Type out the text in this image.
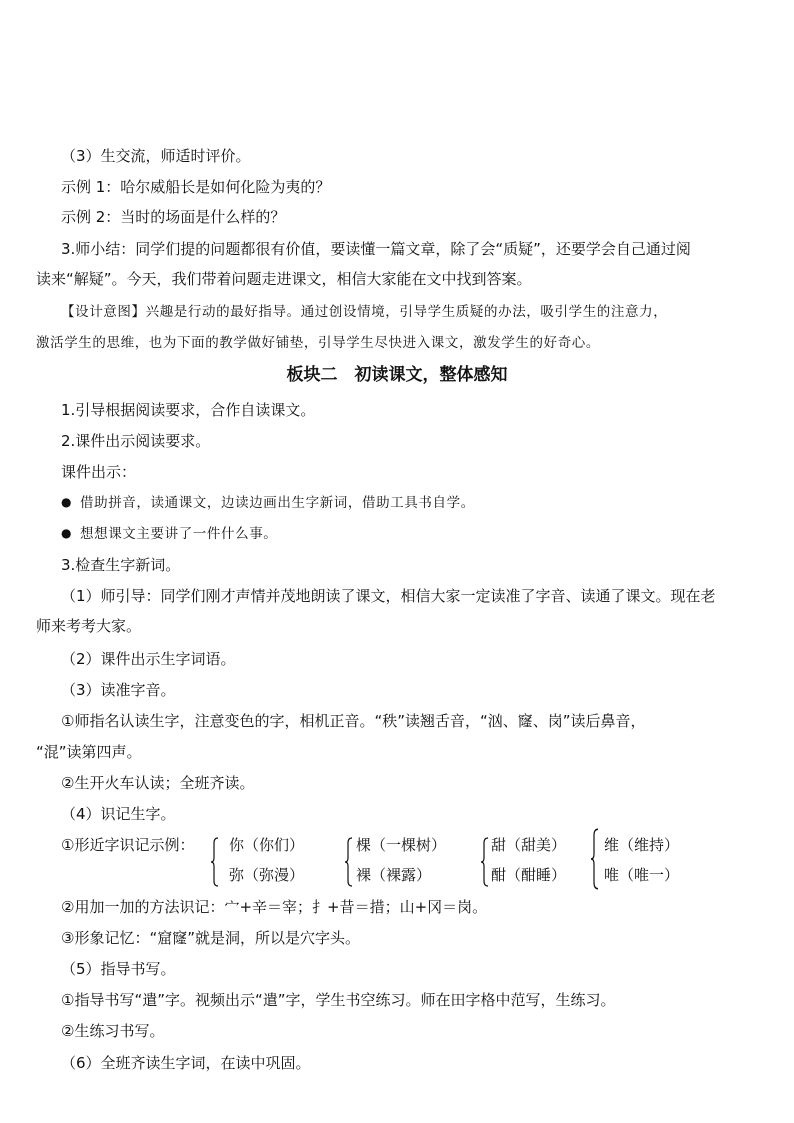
（3）生交流，师适时评价。
示例 1：哈尔威船长是如何化险为夷的？
示例 2：当时的场面是什么样的？
3.师小结：同学们提的问题都很有价值，要读懂一篇文章，除了会“质疑”，还要学会自己通过阅
读来“解疑”。今天，我们带着问题走进课文，相信大家能在文中找到答案。
【设计意图】兴趣是行动的最好指导。通过创设情境，引导学生质疑的办法，吸引学生的注意力，
激活学生的思维，也为下面的教学做好铺垫，引导学生尽快进入课文，激发学生的好奇心。
板块二　初读课文，整体感知
1.引导根据阅读要求，合作自读课文。
2.课件出示阅读要求。
课件出示：
● 借助拼音，读通课文，边读边画出生字新词，借助工具书自学。
● 想想课文主要讲了一件什么事。
3.检查生字新词。
（1）师引导：同学们刚才声情并茂地朗读了课文，相信大家一定读准了字音、读通了课文。现在老
师来考考大家。
（2）课件出示生字词语。
（3）读准字音。
①师指名认读生字，注意变色的字，相机正音。“秩”读翘舌音，“汹、窿、岗”读后鼻音，
“混”读第四声。
②生开火车认读；全班齐读。
（4）识记生字。
①形近字识记示例： 你（你们）
弥（弥漫）
棵（一棵树）
裸（裸露）
甜（甜美）
酣（酣睡）
维（维持）
唯（唯一）
②用加一加的方法识记：宀+辛＝宰；扌+昔＝措；山+冈＝岗。
③形象记忆：“窟窿”就是洞，所以是穴字头。
（5）指导书写。
①指导书写“遣”字。视频出示“遣”字，学生书空练习。师在田字格中范写，生练习。
②生练习书写。
（6）全班齐读生字词，在读中巩固。
